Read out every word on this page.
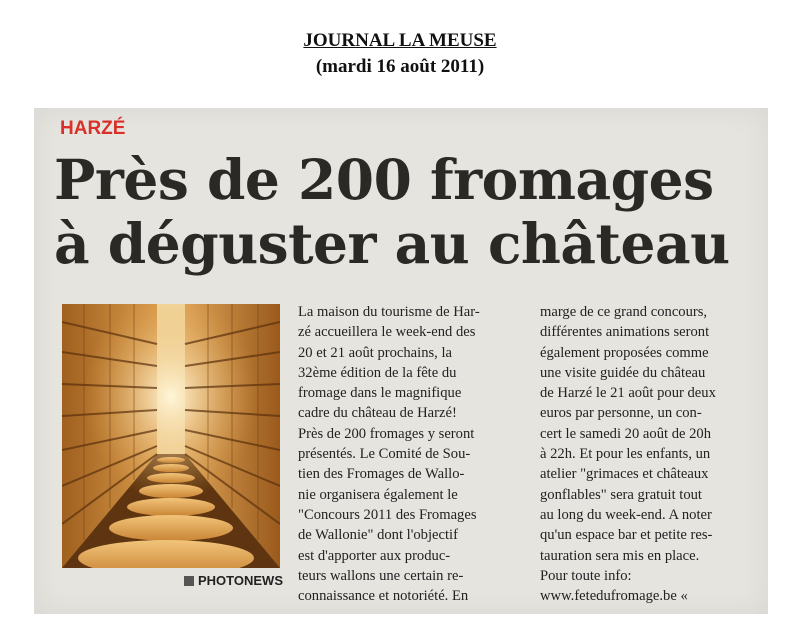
JOURNAL LA MEUSE
(mardi 16 août 2011)
HARZÉ
Près de 200 fromages
à déguster au château
PHOTONEWS
La maison du tourisme de Har-
zé accueillera le week-end des
20 et 21 août prochains, la
32ème édition de la fête du
fromage dans le magnifique
cadre du château de Harzé!
Près de 200 fromages y seront
présentés. Le Comité de Sou-
tien des Fromages de Wallo-
nie organisera également le
"Concours 2011 des Fromages
de Wallonie" dont l'objectif
est d'apporter aux produc-
teurs wallons une certain re-
connaissance et notoriété. En
marge de ce grand concours,
différentes animations seront
également proposées comme
une visite guidée du château
de Harzé le 21 août pour deux
euros par personne, un con-
cert le samedi 20 août de 20h
à 22h. Et pour les enfants, un
atelier "grimaces et châteaux
gonflables" sera gratuit tout
au long du week-end. A noter
qu'un espace bar et petite res-
tauration sera mis en place.
Pour toute info:
www.fetedufromage.be «
